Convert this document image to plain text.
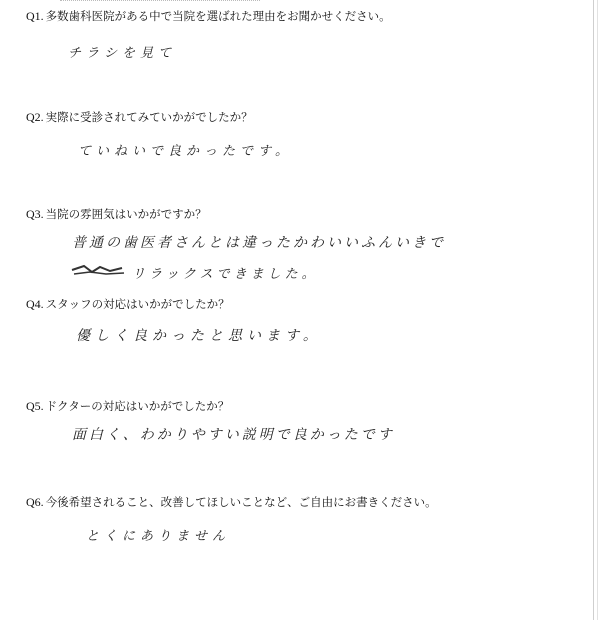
Q1. 多数歯科医院がある中で当院を選ばれた理由をお聞かせください。
チラシを見て
Q2. 実際に受診されてみていかがでしたか？
ていねいで良かったです。
Q3. 当院の雰囲気はいかがですか？
普通の歯医者さんとは違ったかわいいふんいきで
リラックスできました。
Q4. スタッフの対応はいかがでしたか？
優しく良かったと思います。
Q5. ドクターの対応はいかがでしたか？
面白く、わかりやすい説明で良かったです
Q6. 今後希望されること、改善してほしいことなど、ご自由にお書きください。
とくにありません
